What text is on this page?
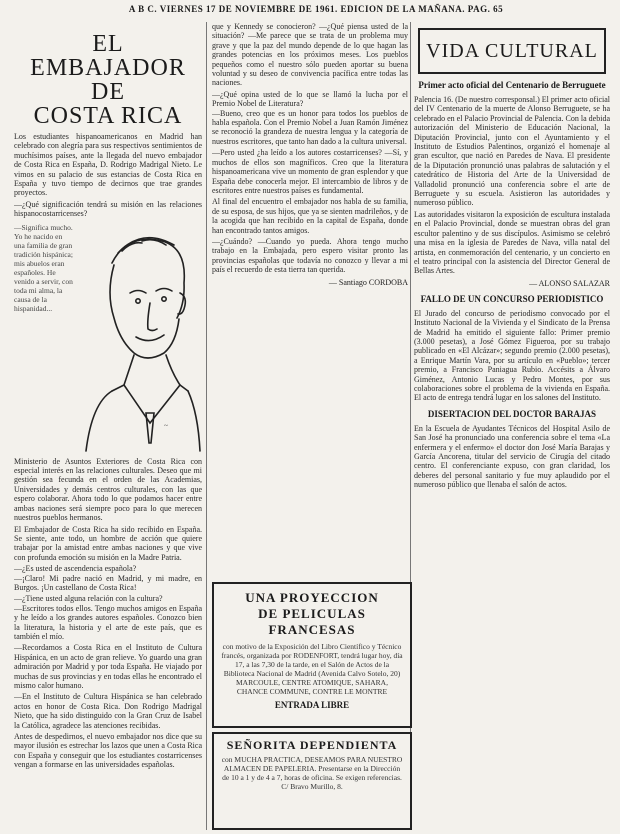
A B C. VIERNES 17 DE NOVIEMBRE DE 1961. EDICION DE LA MAÑANA. PAG. 65
EL EMBAJADOR DE
COSTA RICA

Los estudiantes hispanoamericanos en Madrid han celebrado con alegría para sus respectivos sentimientos de muchísimos países, ante la llegada del nuevo embajador de Costa Rica en España, D. Rodrigo Madrigal Nieto. Le vimos en su palacio de sus estancias de Costa Rica en España y tuvo tiempo de decirnos que trae grandes proyectos.

—¿Qué significación tendrá su misión en las relaciones hispanocostarricenses?

—Significa mucho. Yo he nacido en una familia de gran tradición hispánica; mis abuelos eran españoles. He venido a servir, con toda mi alma, la causa de la hispanidad...
~

Ministerio de Asuntos Exteriores de Costa Rica con especial interés en las relaciones culturales. Deseo que mi gestión sea fecunda en el orden de las Academias, Universidades y demás centros culturales, con las que espero colaborar. Ahora todo lo que podamos hacer entre ambas naciones será siempre poco para lo que merecen nuestros pueblos hermanos.

El Embajador de Costa Rica ha sido recibido en España. Se siente, ante todo, un hombre de acción que quiere trabajar por la amistad entre ambas naciones y que vive con profunda emoción su misión en la Madre Patria.

—¿Es usted de ascendencia española?

—¡Claro! Mi padre nació en Madrid, y mi madre, en Burgos. ¡Un castellano de Costa Rica!

—¿Tiene usted alguna relación con la cultura?

—Escritores todos ellos. Tengo muchos amigos en España y he leído a los grandes autores españoles. Conozco bien la literatura, la historia y el arte de este país, que es también el mío.

—Recordamos a Costa Rica en el Instituto de Cultura Hispánica, en un acto de gran relieve. Yo guardo una gran admiración por Madrid y por toda España. He viajado por muchas de sus provincias y en todas ellas he encontrado el mismo calor humano.

—En el Instituto de Cultura Hispánica se han celebrado actos en honor de Costa Rica. Don Rodrigo Madrigal Nieto, que ha sido distinguido con la Gran Cruz de Isabel la Católica, agradece las atenciones recibidas.

Antes de despedirnos, el nuevo embajador nos dice que su mayor ilusión es estrechar los lazos que unen a Costa Rica con España y conseguir que los estudiantes costarricenses vengan a formarse en las universidades españolas.

que y Kennedy se conocieron? —¿Qué piensa usted de la situación? —Me parece que se trata de un problema muy grave y que la paz del mundo depende de lo que hagan las grandes potencias en los próximos meses. Los pueblos pequeños como el nuestro sólo pueden aportar su buena voluntad y su deseo de convivencia pacífica entre todas las naciones.

—¿Qué opina usted de lo que se llamó la lucha por el Premio Nobel de Literatura?

—Bueno, creo que es un honor para todos los pueblos de habla española. Con el Premio Nobel a Juan Ramón Jiménez se reconoció la grandeza de nuestra lengua y la categoría de nuestros escritores, que tanto han dado a la cultura universal.

—Pero usted ¿ha leído a los autores costarricenses? —Sí, y muchos de ellos son magníficos. Creo que la literatura hispanoamericana vive un momento de gran esplendor y que España debe conocerla mejor. El intercambio de libros y de escritores entre nuestros países es fundamental.

Al final del encuentro el embajador nos habla de su familia, de su esposa, de sus hijos, que ya se sienten madrileños, y de la acogida que han recibido en la capital de España, donde han encontrado tantos amigos.

—¿Cuándo? —Cuando yo pueda. Ahora tengo mucho trabajo en la Embajada, pero espero visitar pronto las provincias españolas que todavía no conozco y llevar a mi país el recuerdo de esta tierra tan querida.

— Santiago CORDOBA
UNA PROYECCION
DE PELICULAS FRANCESAS
con motivo de la Exposición del Libro Científico y Técnico francés, organizada por RODENFORT, tendrá lugar hoy, día 17, a las 7,30 de la tarde, en el Salón de Actos de la Biblioteca Nacional de Madrid (Avenida Calvo Sotelo, 20) MARCOULE, CENTRE ATOMIQUE, SAHARA, CHANCE COMMUNE, CONTRE LE MONTRE
ENTRADA LIBRE
SEÑORITA DEPENDIENTA
con MUCHA PRACTICA, DESEAMOS PARA NUESTRO ALMACEN DE PAPELERIA. Presentarse en la Dirección de 10 a 1 y de 4 a 7, horas de oficina. Se exigen referencias. C/ Bravo Murillo, 8.
VIDA CULTURAL
Primer acto oficial del Centenario de Berruguete

Palencia 16. (De nuestro corresponsal.) El primer acto oficial del IV Centenario de la muerte de Alonso Berruguete, se ha celebrado en el Palacio Provincial de Palencia. Con la debida autorización del Ministerio de Educación Nacional, la Diputación Provincial, junto con el Ayuntamiento y el Instituto de Estudios Palentinos, organizó el homenaje al gran escultor, que nació en Paredes de Nava. El presidente de la Diputación pronunció unas palabras de salutación y el catedrático de Historia del Arte de la Universidad de Valladolid pronunció una conferencia sobre el arte de Berruguete y su escuela. Asistieron las autoridades y numeroso público.

Las autoridades visitaron la exposición de escultura instalada en el Palacio Provincial, donde se muestran obras del gran escultor palentino y de sus discípulos. Asimismo se celebró una misa en la iglesia de Paredes de Nava, villa natal del artista, en conmemoración del centenario, y un concierto en el teatro principal con la asistencia del Director General de Bellas Artes.

— ALONSO SALAZAR
FALLO DE UN CONCURSO PERIODISTICO

El Jurado del concurso de periodismo convocado por el Instituto Nacional de la Vivienda y el Sindicato de la Prensa de Madrid ha emitido el siguiente fallo: Primer premio (3.000 pesetas), a José Gómez Figueroa, por su trabajo publicado en «El Alcázar»; segundo premio (2.000 pesetas), a Enrique Martín Vara, por su artículo en «Pueblo»; tercer premio, a Francisco Paniagua Rubio. Accésits a Álvaro Giménez, Antonio Lucas y Pedro Montes, por sus colaboraciones sobre el problema de la vivienda en España. El acto de entrega tendrá lugar en los salones del Instituto.

DISERTACION DEL DOCTOR BARAJAS

En la Escuela de Ayudantes Técnicos del Hospital Asilo de San José ha pronunciado una conferencia sobre el tema «La enfermera y el enfermo» el doctor don José María Barajas y García Ancorena, titular del servicio de Cirugía del citado centro. El conferenciante expuso, con gran claridad, los deberes del personal sanitario y fue muy aplaudido por el numeroso público que llenaba el salón de actos.
